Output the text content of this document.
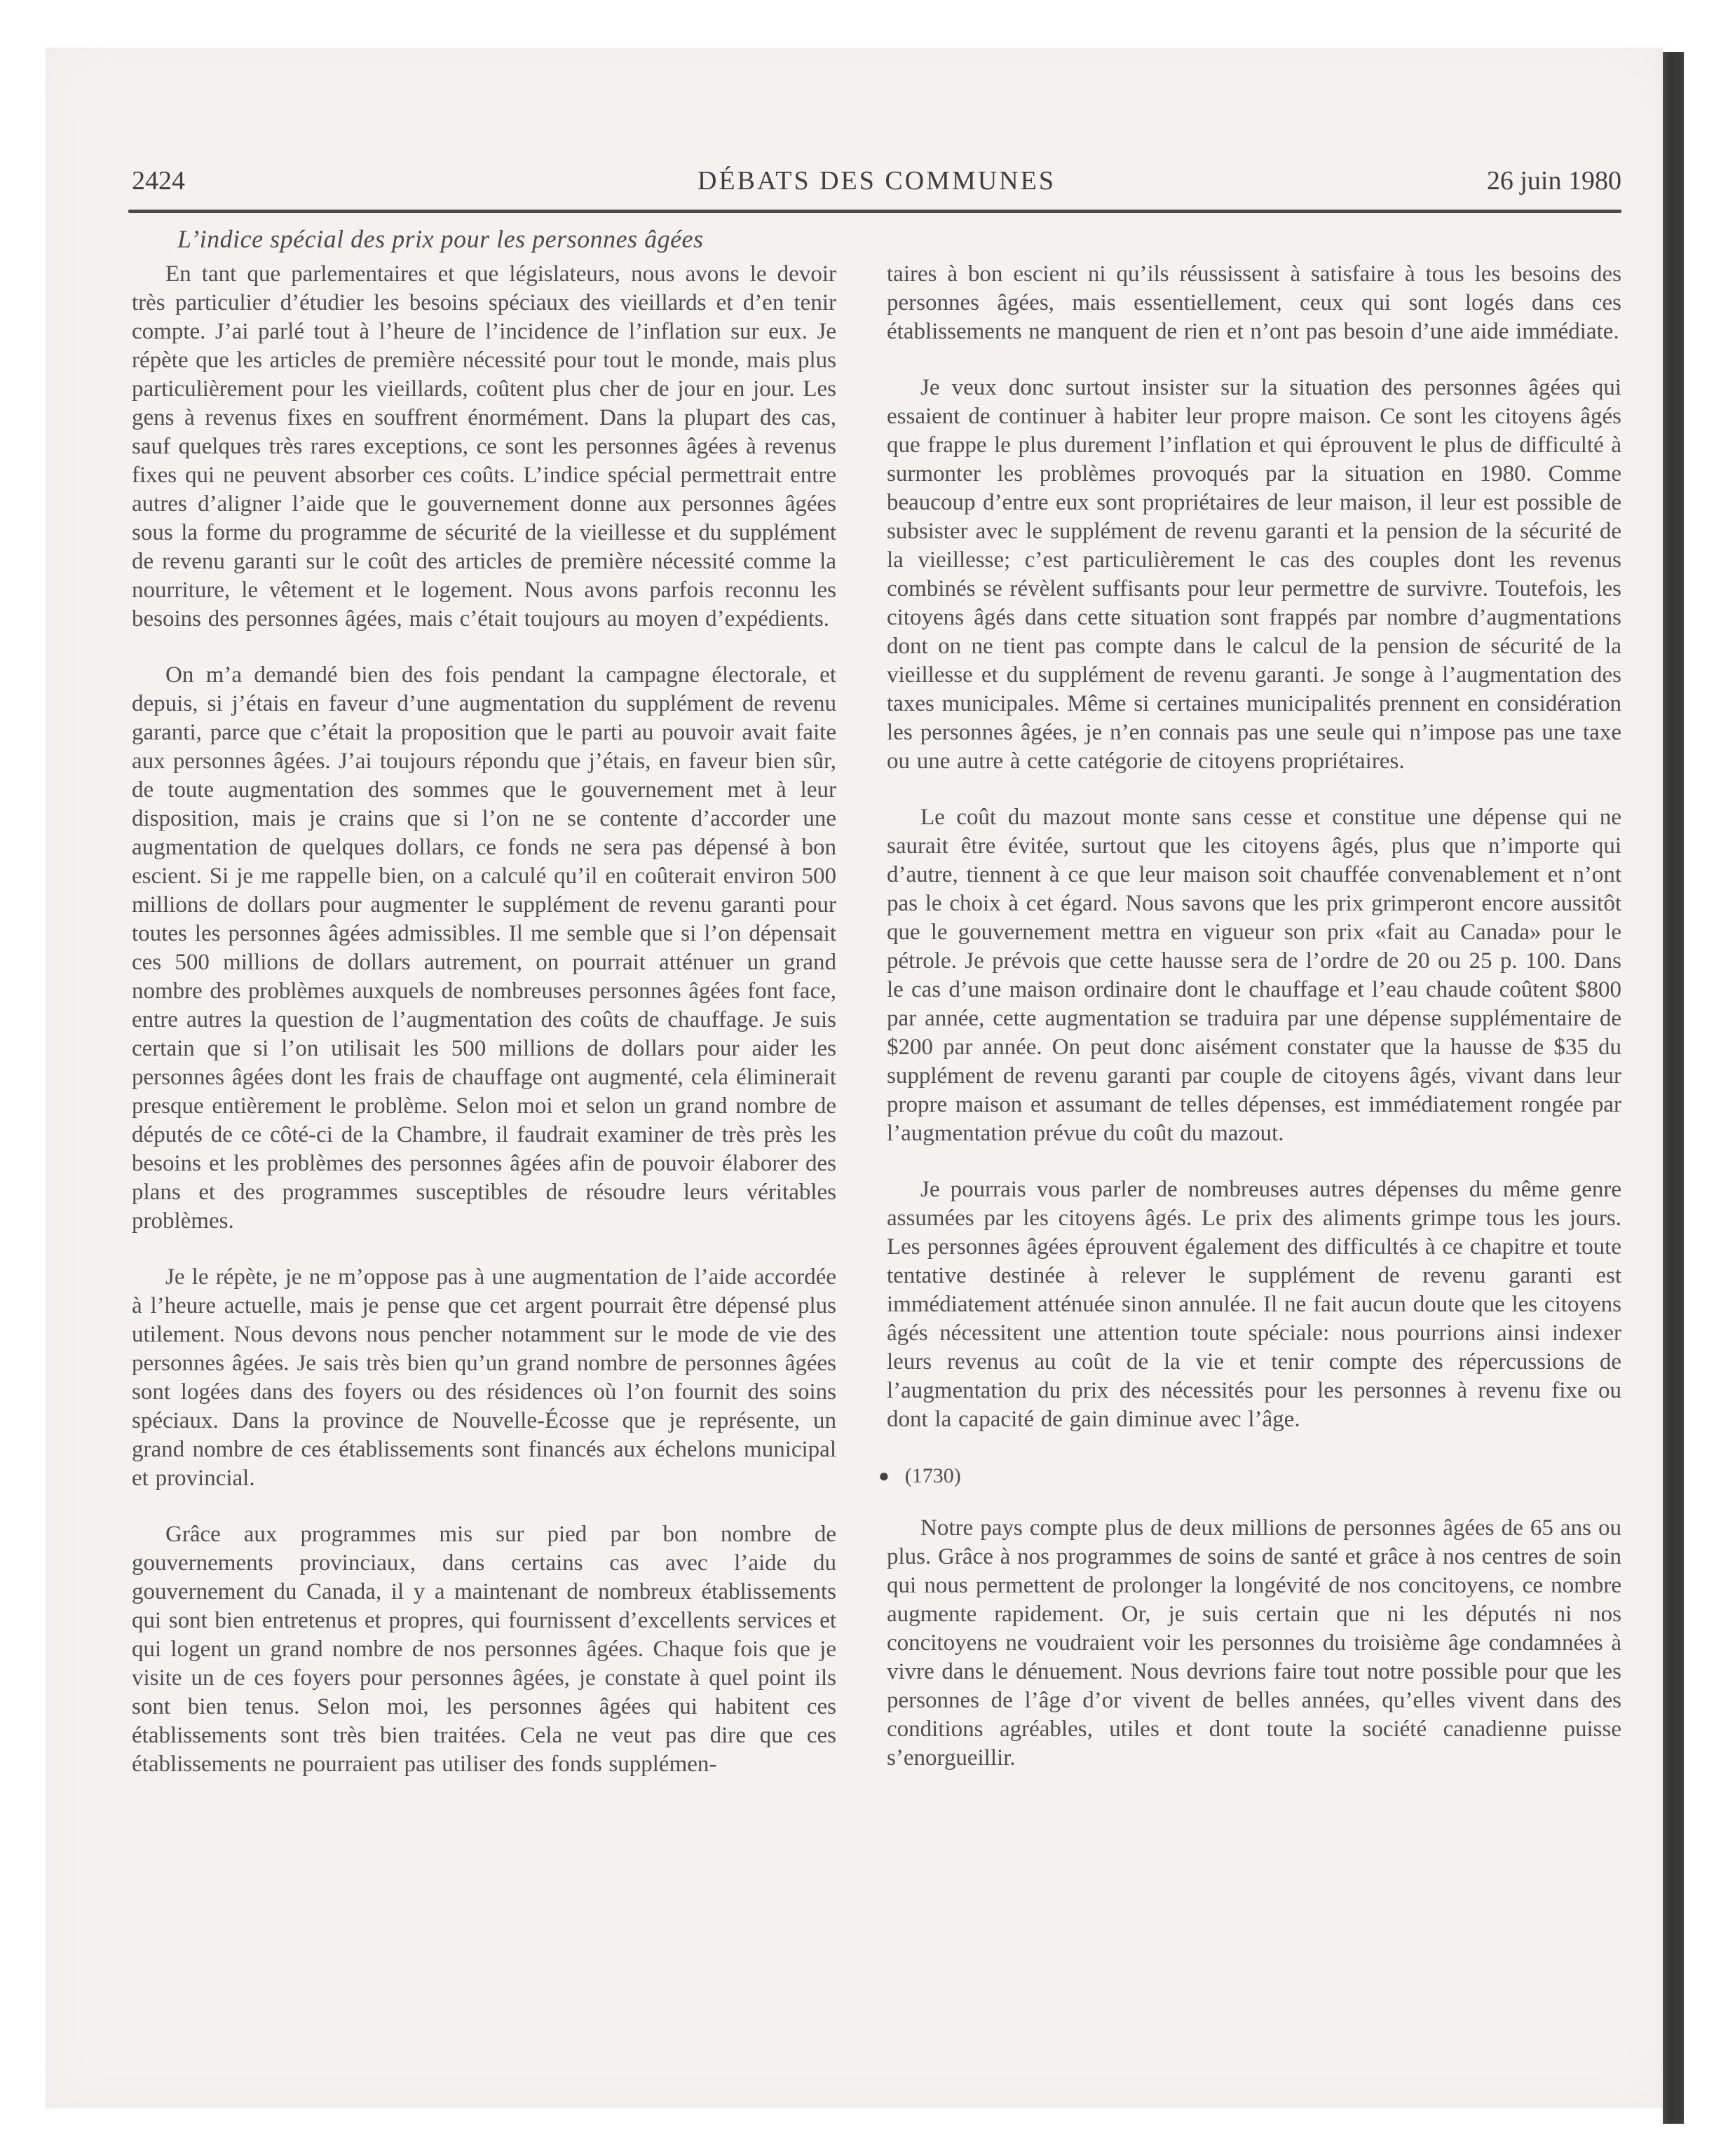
2424	DÉBATS DES COMMUNES	26 juin 1980
L’indice spécial des prix pour les personnes âgées

En tant que parlementaires et que législateurs, nous avons le devoir très particulier d’étudier les besoins spéciaux des vieillards et d’en tenir compte. J’ai parlé tout à l’heure de l’incidence de l’inflation sur eux. Je répète que les articles de première nécessité pour tout le monde, mais plus particulièrement pour les vieillards, coûtent plus cher de jour en jour. Les gens à revenus fixes en souffrent énormément. Dans la plupart des cas, sauf quelques très rares exceptions, ce sont les personnes âgées à revenus fixes qui ne peuvent absorber ces coûts. L’indice spécial permettrait entre autres d’aligner l’aide que le gouvernement donne aux personnes âgées sous la forme du programme de sécurité de la vieillesse et du supplément de revenu garanti sur le coût des articles de première nécessité comme la nourriture, le vêtement et le logement. Nous avons parfois reconnu les besoins des personnes âgées, mais c’était toujours au moyen d’expédients.

On m’a demandé bien des fois pendant la campagne électorale, et depuis, si j’étais en faveur d’une augmentation du supplément de revenu garanti, parce que c’était la proposition que le parti au pouvoir avait faite aux personnes âgées. J’ai toujours répondu que j’étais, en faveur bien sûr, de toute augmentation des sommes que le gouvernement met à leur disposition, mais je crains que si l’on ne se contente d’accorder une augmentation de quelques dollars, ce fonds ne sera pas dépensé à bon escient. Si je me rappelle bien, on a calculé qu’il en coûterait environ 500 millions de dollars pour augmenter le supplément de revenu garanti pour toutes les personnes âgées admissibles. Il me semble que si l’on dépensait ces 500 millions de dollars autrement, on pourrait atténuer un grand nombre des problèmes auxquels de nombreuses personnes âgées font face, entre autres la question de l’augmentation des coûts de chauffage. Je suis certain que si l’on utilisait les 500 millions de dollars pour aider les personnes âgées dont les frais de chauffage ont augmenté, cela éliminerait presque entièrement le problème. Selon moi et selon un grand nombre de députés de ce côté-ci de la Chambre, il faudrait examiner de très près les besoins et les problèmes des personnes âgées afin de pouvoir élaborer des plans et des programmes susceptibles de résoudre leurs véritables problèmes.

Je le répète, je ne m’oppose pas à une augmentation de l’aide accordée à l’heure actuelle, mais je pense que cet argent pourrait être dépensé plus utilement. Nous devons nous pencher notamment sur le mode de vie des personnes âgées. Je sais très bien qu’un grand nombre de personnes âgées sont logées dans des foyers ou des résidences où l’on fournit des soins spéciaux. Dans la province de Nouvelle-Écosse que je représente, un grand nombre de ces établissements sont financés aux échelons municipal et provincial.

Grâce aux programmes mis sur pied par bon nombre de gouvernements provinciaux, dans certains cas avec l’aide du gouvernement du Canada, il y a maintenant de nombreux établissements qui sont bien entretenus et propres, qui fournissent d’excellents services et qui logent un grand nombre de nos personnes âgées. Chaque fois que je visite un de ces foyers pour personnes âgées, je constate à quel point ils sont bien tenus. Selon moi, les personnes âgées qui habitent ces établissements sont très bien traitées. Cela ne veut pas dire que ces établissements ne pourraient pas utiliser des fonds supplémen-

taires à bon escient ni qu’ils réussissent à satisfaire à tous les besoins des personnes âgées, mais essentiellement, ceux qui sont logés dans ces établissements ne manquent de rien et n’ont pas besoin d’une aide immédiate.

Je veux donc surtout insister sur la situation des personnes âgées qui essaient de continuer à habiter leur propre maison. Ce sont les citoyens âgés que frappe le plus durement l’inflation et qui éprouvent le plus de difficulté à surmonter les problèmes provoqués par la situation en 1980. Comme beaucoup d’entre eux sont propriétaires de leur maison, il leur est possible de subsister avec le supplément de revenu garanti et la pension de la sécurité de la vieillesse; c’est particulièrement le cas des couples dont les revenus combinés se révèlent suffisants pour leur permettre de survivre. Toutefois, les citoyens âgés dans cette situation sont frappés par nombre d’augmentations dont on ne tient pas compte dans le calcul de la pension de sécurité de la vieillesse et du supplément de revenu garanti. Je songe à l’augmentation des taxes municipales. Même si certaines municipalités prennent en considération les personnes âgées, je n’en connais pas une seule qui n’impose pas une taxe ou une autre à cette catégorie de citoyens propriétaires.

Le coût du mazout monte sans cesse et constitue une dépense qui ne saurait être évitée, surtout que les citoyens âgés, plus que n’importe qui d’autre, tiennent à ce que leur maison soit chauffée convenablement et n’ont pas le choix à cet égard. Nous savons que les prix grimperont encore aussitôt que le gouvernement mettra en vigueur son prix «fait au Canada» pour le pétrole. Je prévois que cette hausse sera de l’ordre de 20 ou 25 p. 100. Dans le cas d’une maison ordinaire dont le chauffage et l’eau chaude coûtent $800 par année, cette augmentation se traduira par une dépense supplémentaire de $200 par année. On peut donc aisément constater que la hausse de $35 du supplément de revenu garanti par couple de citoyens âgés, vivant dans leur propre maison et assumant de telles dépenses, est immédiatement rongée par l’augmentation prévue du coût du mazout.

Je pourrais vous parler de nombreuses autres dépenses du même genre assumées par les citoyens âgés. Le prix des aliments grimpe tous les jours. Les personnes âgées éprouvent également des difficultés à ce chapitre et toute tentative destinée à relever le supplément de revenu garanti est immédiatement atténuée sinon annulée. Il ne fait aucun doute que les citoyens âgés nécessitent une attention toute spéciale: nous pourrions ainsi indexer leurs revenus au coût de la vie et tenir compte des répercussions de l’augmentation du prix des nécessités pour les personnes à revenu fixe ou dont la capacité de gain diminue avec l’âge.

● (1730)

Notre pays compte plus de deux millions de personnes âgées de 65 ans ou plus. Grâce à nos programmes de soins de santé et grâce à nos centres de soin qui nous permettent de prolonger la longévité de nos concitoyens, ce nombre augmente rapidement. Or, je suis certain que ni les députés ni nos concitoyens ne voudraient voir les personnes du troisième âge condamnées à vivre dans le dénuement. Nous devrions faire tout notre possible pour que les personnes de l’âge d’or vivent de belles années, qu’elles vivent dans des conditions agréables, utiles et dont toute la société canadienne puisse s’enorgueillir.
